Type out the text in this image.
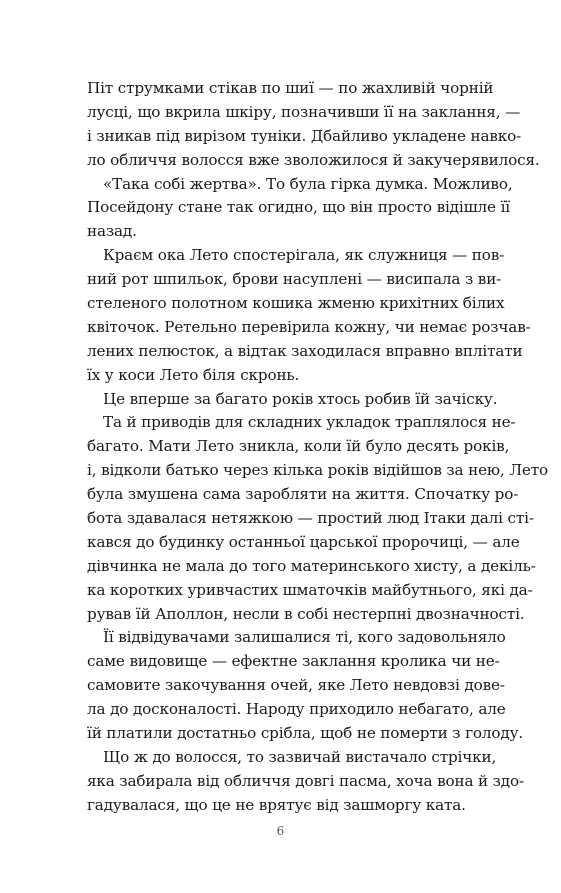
Піт струмками стікав по шиї — по жахливій чорній
лусці, що вкрила шкіру, позначивши її на заклання, —
і зникав під вирізом туніки. Дбайливо укладене навко-
ло обличчя волосся вже зволожилося й закучерявилося.
«Така собі жертва». То була гірка думка. Можливо,
Посейдону стане так огидно, що він просто відішле її
назад.
Краєм ока Лето спостерігала, як служниця — пов-
ний рот шпильок, брови насуплені — висипала з ви-
стеленого полотном кошика жменю крихітних білих
квіточок. Ретельно перевірила кожну, чи немає розчав-
лених пелюсток, а відтак заходилася вправно вплітати
їх у коси Лето біля скронь.
Це вперше за багато років хтось робив їй зачіску.
Та й приводів для складних укладок траплялося не-
багато. Мати Лето зникла, коли їй було десять років,
і, відколи батько через кілька років відійшов за нею, Лето
була змушена сама заробляти на життя. Спочатку ро-
бота здавалася нетяжкою — простий люд Ітаки далі сті-
кався до будинку останньої царської пророчиці, — але
дівчинка не мала до того материнського хисту, а декіль-
ка коротких уривчастих шматочків майбутнього, які да-
рував їй Аполлон, несли в собі нестерпні двозначності.
Її відвідувачами залишалися ті, кого задовольняло
саме видовище — ефектне заклання кролика чи не-
самовите закочування очей, яке Лето невдовзі дове-
ла до досконалості. Народу приходило небагато, але
їй платили достатньо срібла, щоб не померти з голоду.
Що ж до волосся, то зазвичай вистачало стрічки,
яка забирала від обличчя довгі пасма, хоча вона й здо-
гадувалася, що це не врятує від зашморгу ката.
6
